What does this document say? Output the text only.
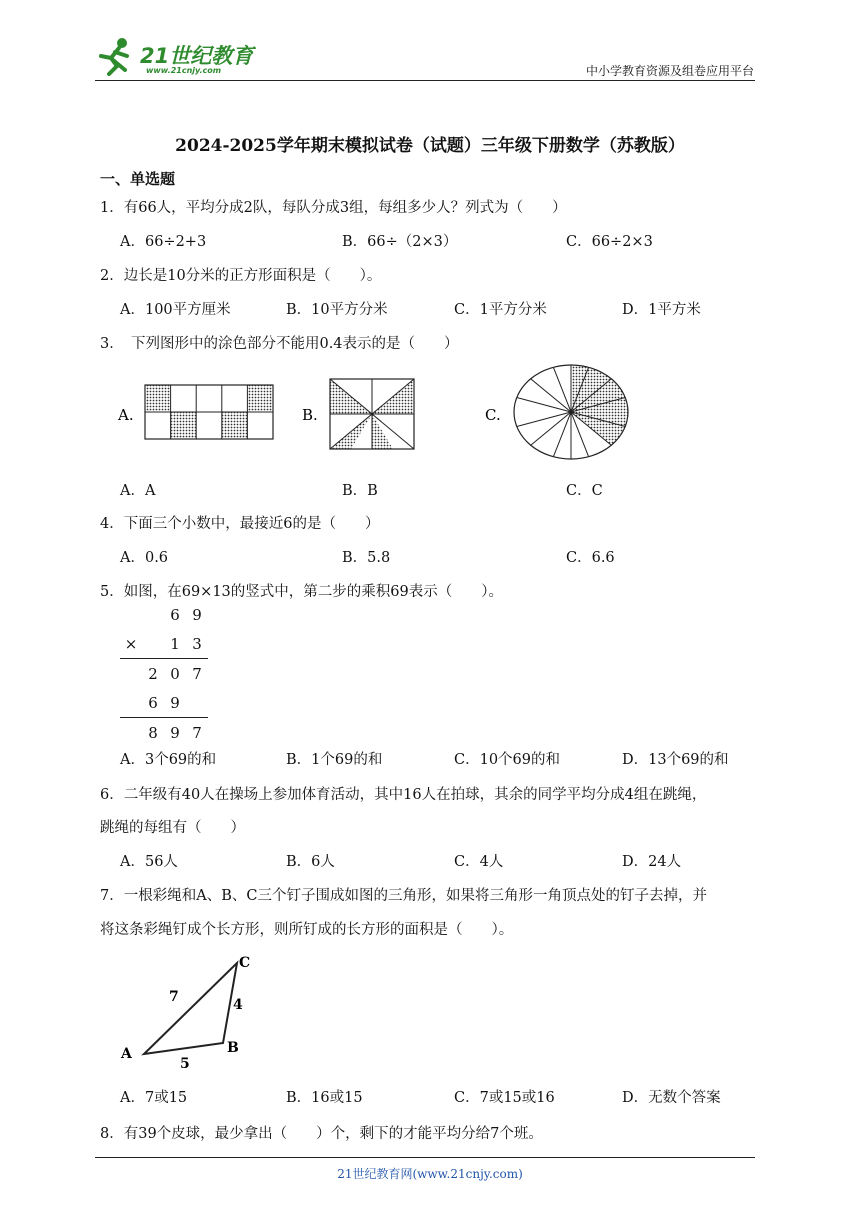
21世纪教育
www.21cnjy.com	中小学教育资源及组卷应用平台
2024-2025学年期末模拟试卷（试题）三年级下册数学（苏教版）
一、单选题
1．有66人，平均分成2队，每队分成3组，每组多少人？列式为（　　）
A．66÷2+3	B．66÷（2×3）	C．66÷2×3
2．边长是10分米的正方形面积是（　　）。
A．100平方厘米	B．10平方分米	C．1平方分米	D．1平方米
3．　下列图形中的涂色部分不能用0.4表示的是（　　）
A.	B.	C.
A．A	B．B	C．C
4．下面三个小数中，最接近6的是（　　）
A．0.6	B．5.8	C．6.6
5．如图，在69×13的竖式中，第二步的乘积69表示（　　）。
		6	9
×		1	3
	2	0	7
	6	9	
	8	9	7
A．3个69的和	B．1个69的和	C．10个69的和	D．13个69的和
6．二年级有40人在操场上参加体育活动，其中16人在拍球，其余的同学平均分成4组在跳绳，
跳绳的每组有（　　）
A．56人	B．6人	C．4人	D．24人
7．一根彩绳和A、B、C三个钉子围成如图的三角形，如果将三角形一角顶点处的钉子去掉，并
将这条彩绳钉成个长方形，则所钉成的长方形的面积是（　　）。
A	B
C
5
4
7
A．7或15	B．16或15	C．7或15或16	D．无数个答案
8．有39个皮球，最少拿出（　　）个，剩下的才能平均分给7个班。
21世纪教育网(www.21cnjy.com)
